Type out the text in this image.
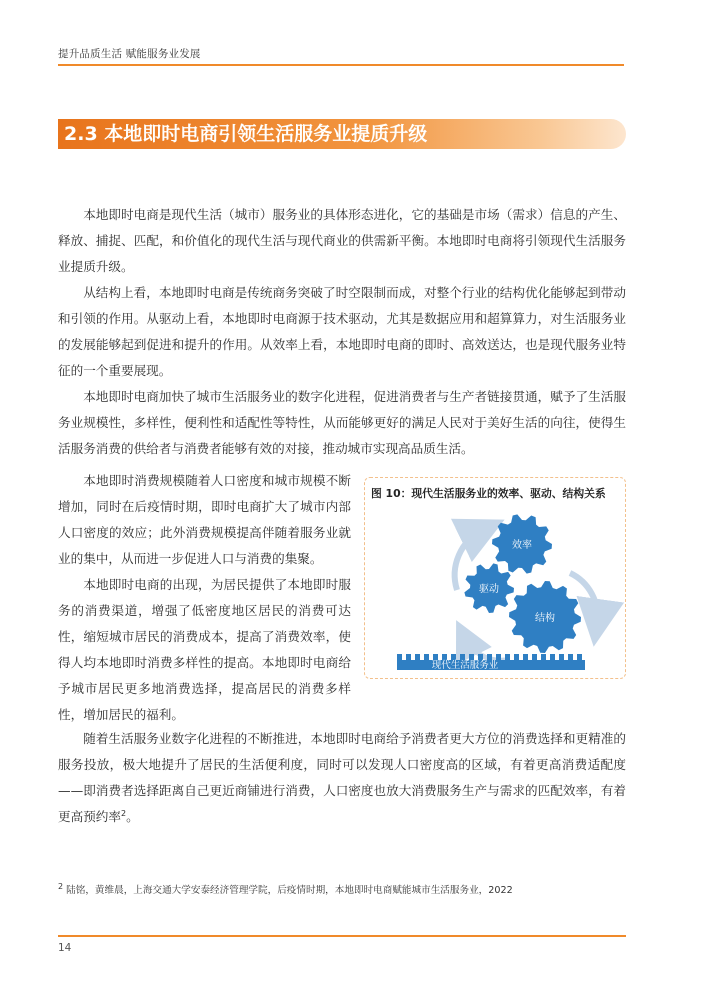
提升品质生活 赋能服务业发展
2.3 本地即时电商引领生活服务业提质升级

本地即时电商是现代生活（城市）服务业的具体形态进化，它的基础是市场（需求）信息的产生、释放、捕捉、匹配，和价值化的现代生活与现代商业的供需新平衡。本地即时电商将引领现代生活服务业提质升级。

从结构上看，本地即时电商是传统商务突破了时空限制而成，对整个行业的结构优化能够起到带动和引领的作用。从驱动上看，本地即时电商源于技术驱动，尤其是数据应用和超算算力，对生活服务业的发展能够起到促进和提升的作用。从效率上看，本地即时电商的即时、高效送达，也是现代服务业特征的一个重要展现。

本地即时电商加快了城市生活服务业的数字化进程，促进消费者与生产者链接贯通，赋予了生活服务业规模性，多样性，便利性和适配性等特性，从而能够更好的满足人民对于美好生活的向往，使得生活服务消费的供给者与消费者能够有效的对接，推动城市实现高品质生活。

本地即时消费规模随着人口密度和城市规模不断增加，同时在后疫情时期，即时电商扩大了城市内部人口密度的效应；此外消费规模提高伴随着服务业就业的集中，从而进一步促进人口与消费的集聚。

本地即时电商的出现，为居民提供了本地即时服务的消费渠道，增强了低密度地区居民的消费可达性，缩短城市居民的消费成本，提高了消费效率，使得人均本地即时消费多样性的提高。本地即时电商给予城市居民更多地消费选择，提高居民的消费多样性，增加居民的福利。

随着生活服务业数字化进程的不断推进，本地即时电商给予消费者更大方位的消费选择和更精准的服务投放，极大地提升了居民的生活便利度，同时可以发现人口密度高的区域，有着更高消费适配度——即消费者选择距离自己更近商铺进行消费，人口密度也放大消费服务生产与需求的匹配效率，有着更高预约率$^2$。

图 10：现代生活服务业的效率、驱动、结构关系
效率
驱动
结构
现代生活服务业
$^2$ 陆铭，黄维晨，上海交通大学安泰经济管理学院，后疫情时期，本地即时电商赋能城市生活服务业，2022
14
